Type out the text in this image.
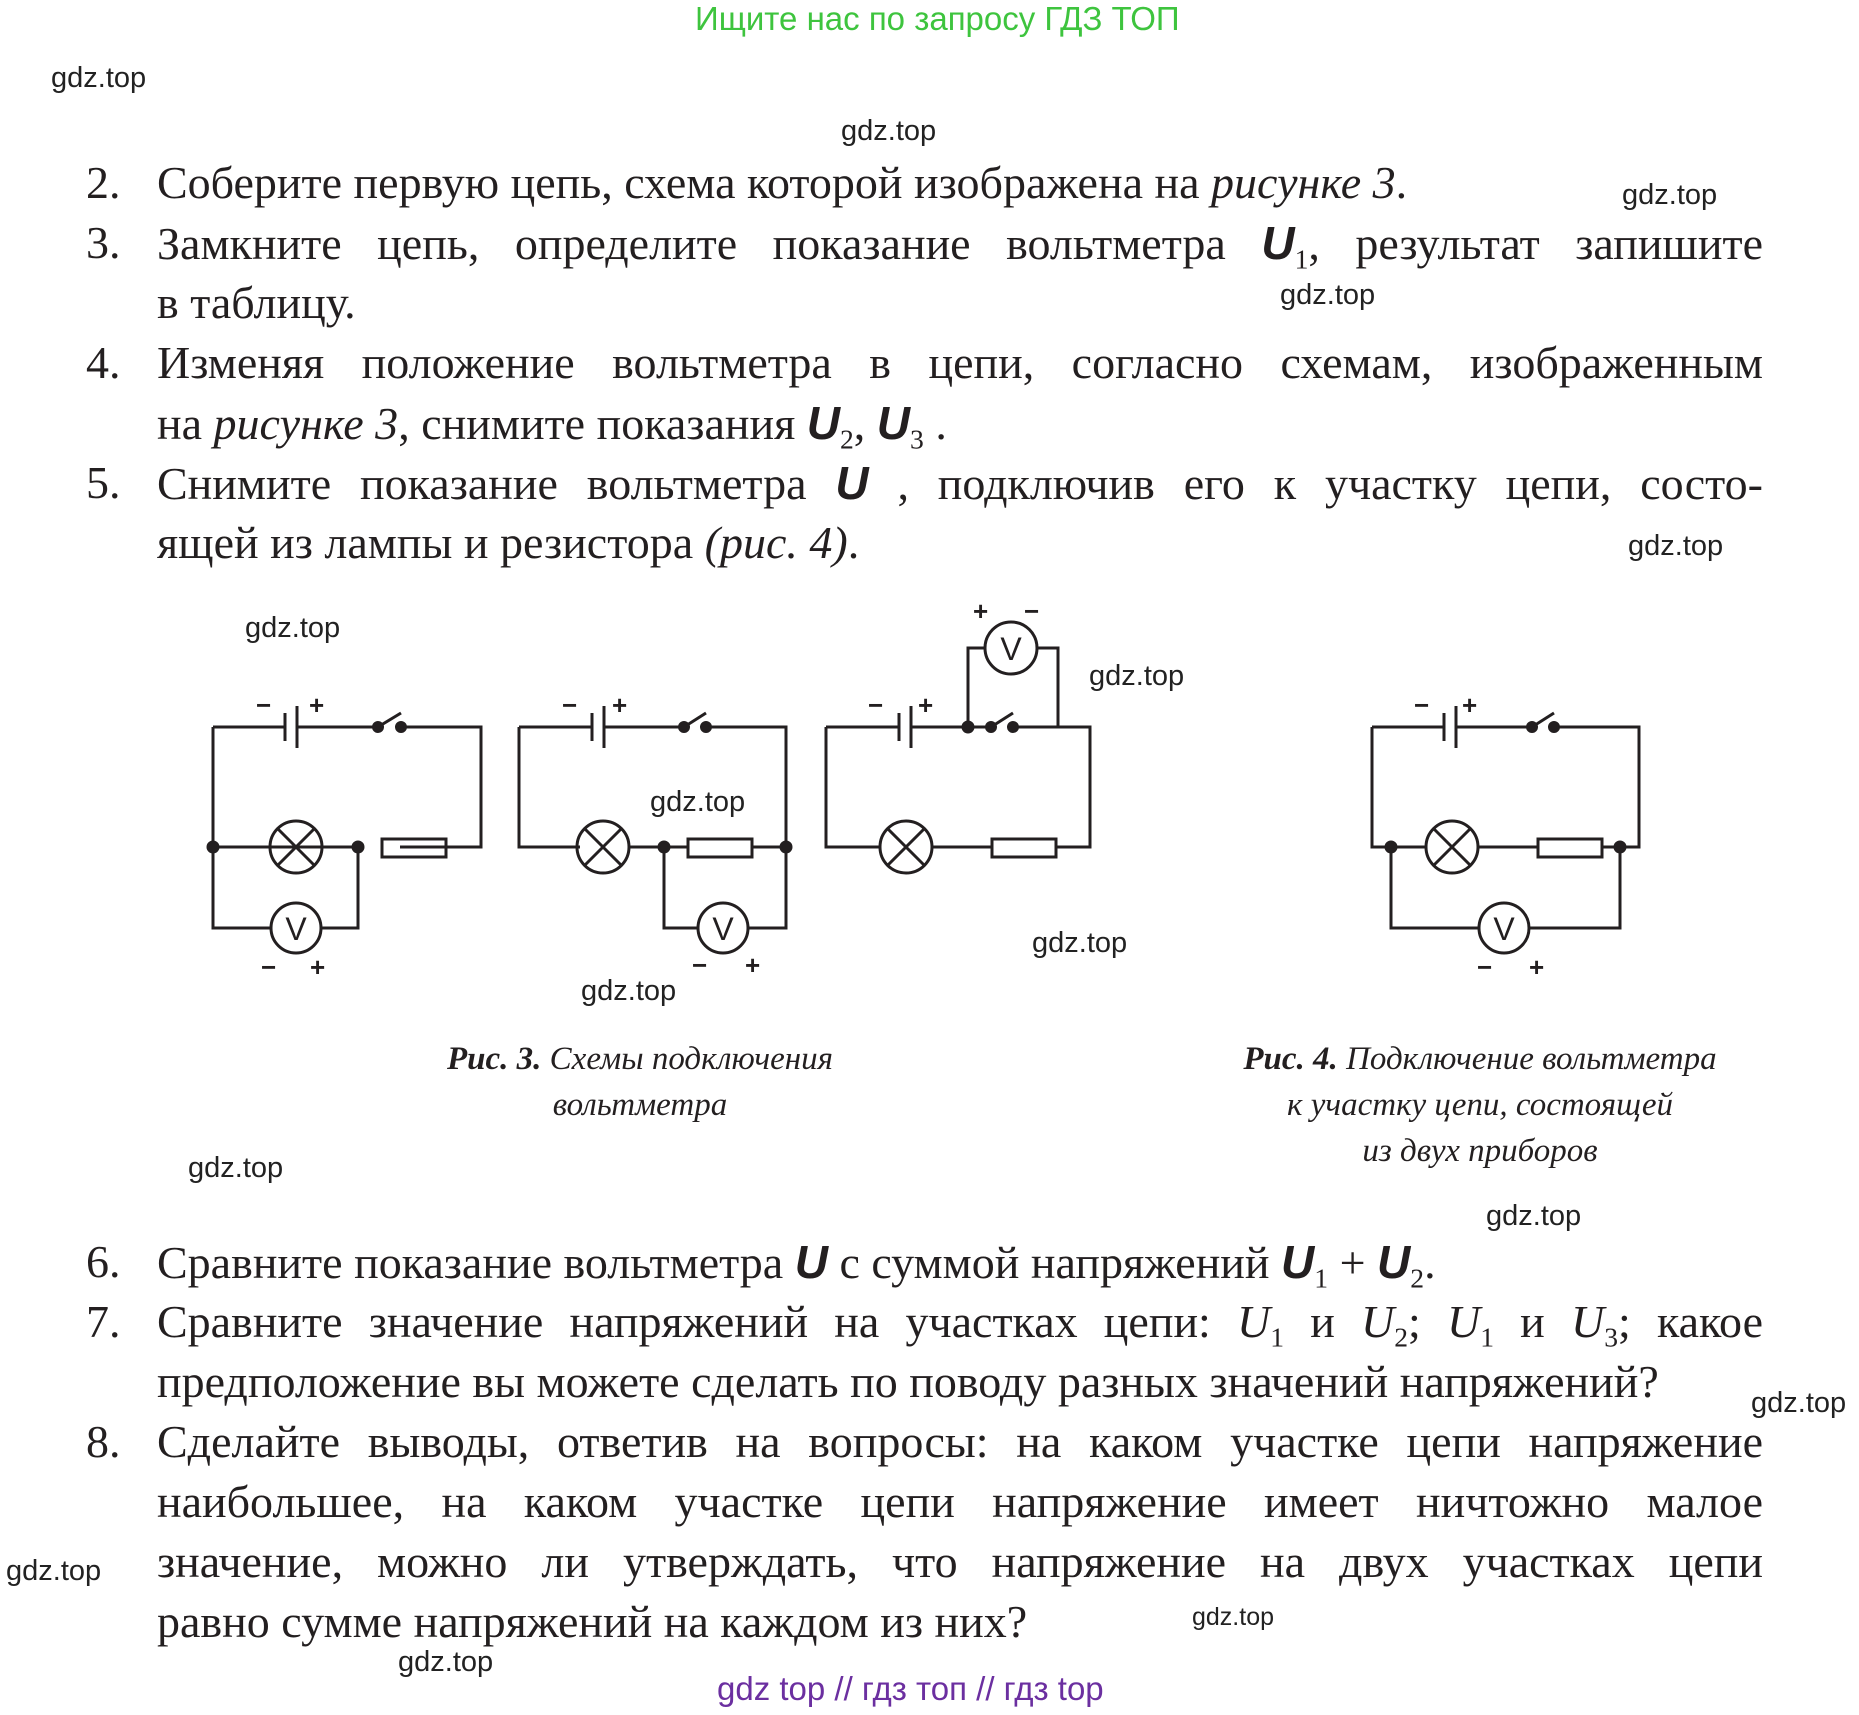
Ищите нас по запросу ГДЗ ТОП
gdz.top
gdz.top
gdz.top
gdz.top
gdz.top
gdz.top
gdz.top
gdz.top
gdz.top
gdz.top
gdz.top
gdz.top
gdz.top
gdz.top
gdz.top
gdz.top
2. Соберите первую цепь, схема которой изображена на рисунке 3.
3. Замкните цепь, определите показание вольтметра $U_1$, результат запишите
в таблицу.
4. Изменяя положение вольтметра в цепи, согласно схемам, изображенным
на рисунке 3, снимите показания $U_2$, $U_3$ .
5. Снимите показание вольтметра U , подключив его к участку цепи, состо-
ящей из лампы и резистора (рис. 4).
− +
− +
− +
− +
− +
+ −
− +
− +
V	V
V
V
Рис. 3. Схемы подключения
вольтметра
Рис. 4. Подключение вольтметра
к участку цепи, состоящей
из двух приборов
6. Сравните показание вольтметра U с суммой напряжений $U_1 + U_2$.
7. Сравните значение напряжений на участках цепи: $U_1$ и $U_2$; $U_1$ и $U_3$; какое
предположение вы можете сделать по поводу разных значений напряжений?
8. Сделайте выводы, ответив на вопросы: на каком участке цепи напряжение
наибольшее, на каком участке цепи напряжение имеет ничтожно малое
значение, можно ли утверждать, что напряжение на двух участках цепи
равно сумме напряжений на каждом из них?
gdz top // гдз топ // гдз top
